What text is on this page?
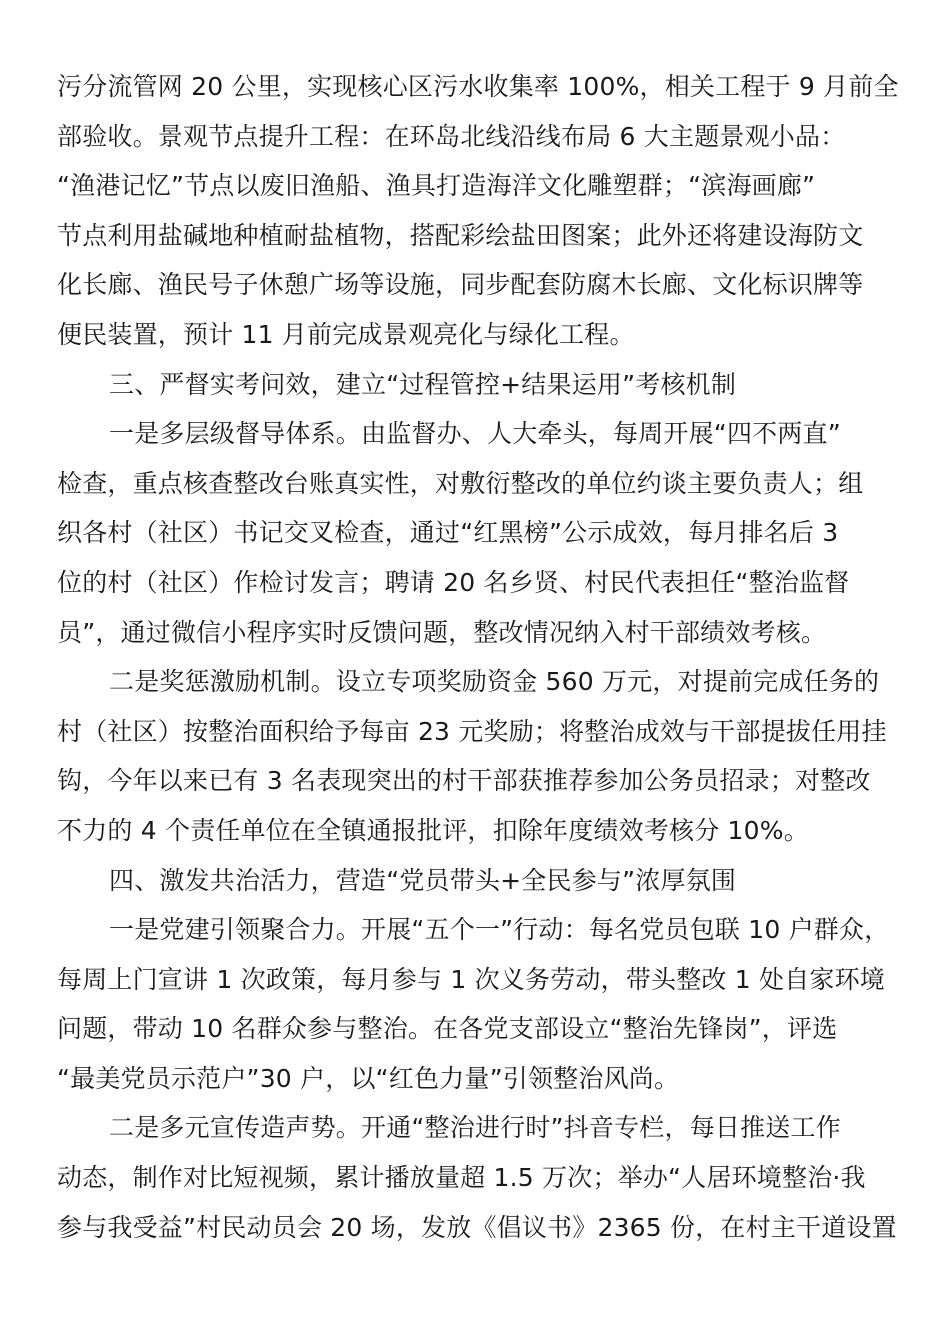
污分流管网 20 公里，实现核心区污水收集率 100%，相关工程于 9 月前全
部验收。景观节点提升工程：在环岛北线沿线布局 6 大主题景观小品：
“渔港记忆”节点以废旧渔船、渔具打造海洋文化雕塑群；“滨海画廊”
节点利用盐碱地种植耐盐植物，搭配彩绘盐田图案；此外还将建设海防文
化长廊、渔民号子休憩广场等设施，同步配套防腐木长廊、文化标识牌等
便民装置，预计 11 月前完成景观亮化与绿化工程。

三、严督实考问效，建立“过程管控+结果运用”考核机制

一是多层级督导体系。由监督办、人大牵头，每周开展“四不两直”
检查，重点核查整改台账真实性，对敷衍整改的单位约谈主要负责人；组
织各村（社区）书记交叉检查，通过“红黑榜”公示成效，每月排名后 3
位的村（社区）作检讨发言；聘请 20 名乡贤、村民代表担任“整治监督
员”，通过微信小程序实时反馈问题，整改情况纳入村干部绩效考核。

二是奖惩激励机制。设立专项奖励资金 560 万元，对提前完成任务的
村（社区）按整治面积给予每亩 23 元奖励；将整治成效与干部提拔任用挂
钩，今年以来已有 3 名表现突出的村干部获推荐参加公务员招录；对整改
不力的 4 个责任单位在全镇通报批评，扣除年度绩效考核分 10%。

四、激发共治活力，营造“党员带头+全民参与”浓厚氛围

一是党建引领聚合力。开展“五个一”行动：每名党员包联 10 户群众，
每周上门宣讲 1 次政策，每月参与 1 次义务劳动，带头整改 1 处自家环境
问题，带动 10 名群众参与整治。在各党支部设立“整治先锋岗”，评选
“最美党员示范户”30 户，以“红色力量”引领整治风尚。

二是多元宣传造声势。开通“整治进行时”抖音专栏，每日推送工作
动态，制作对比短视频，累计播放量超 1.5 万次；举办“人居环境整治·我
参与我受益”村民动员会 20 场，发放《倡议书》2365 份，在村主干道设置
